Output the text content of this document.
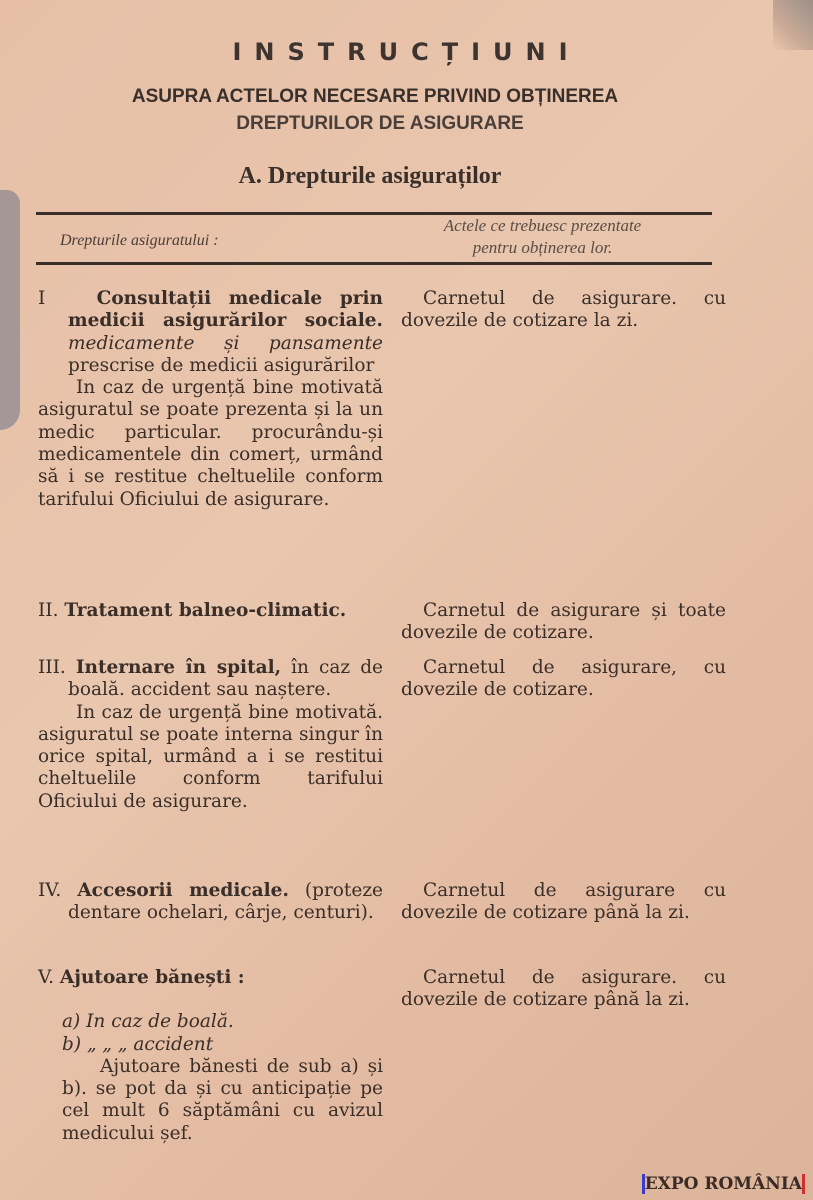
INSTRUCȚIUNI
ASUPRA ACTELOR NECESARE PRIVIND OBȚINEREA
DREPTURILOR DE ASIGURARE
A. Drepturile asiguraților
Drepturile asiguratului :
Actele ce trebuesc prezentate
pentru obținerea lor.

I	Consultații medicale prin medicii asigurărilor sociale. medicamente și pansamente prescrise de medicii asigurărilor

In caz de urgență bine motivată asiguratul se poate prezenta și la un medic particular. procurându-și medicamentele din comerț, urmând să i se restitue cheltuelile conform tarifului Oficiului de asigurare.

Carnetul de asigurare. cu dovezile de cotizare la zi.
II. Tratament balneo-climatic.	Carnetul de asigurare și toate dovezile de cotizare.

III. Internare în spital, în caz de boală. accident sau naștere.

In caz de urgență bine motivată. asiguratul se poate interna singur în orice spital, urmând a i se restitui cheltuelile conform tarifului Oficiului de asigurare.

Carnetul de asigurare, cu dovezile de cotizare.

IV. Accesorii medicale. (proteze dentare ochelari, cârje, centuri).

Carnetul de asigurare cu dovezile de cotizare până la zi.

V. Ajutoare bănești :

a) In caz de boală.
b) „ „ „ accident

Ajutoare bănesti de sub a) și b). se pot da și cu anticipație pe cel mult 6 săptămâni cu avizul medicului șef.

Carnetul de asigurare. cu dovezile de cotizare până la zi.
EXPO ROMÂNIA
